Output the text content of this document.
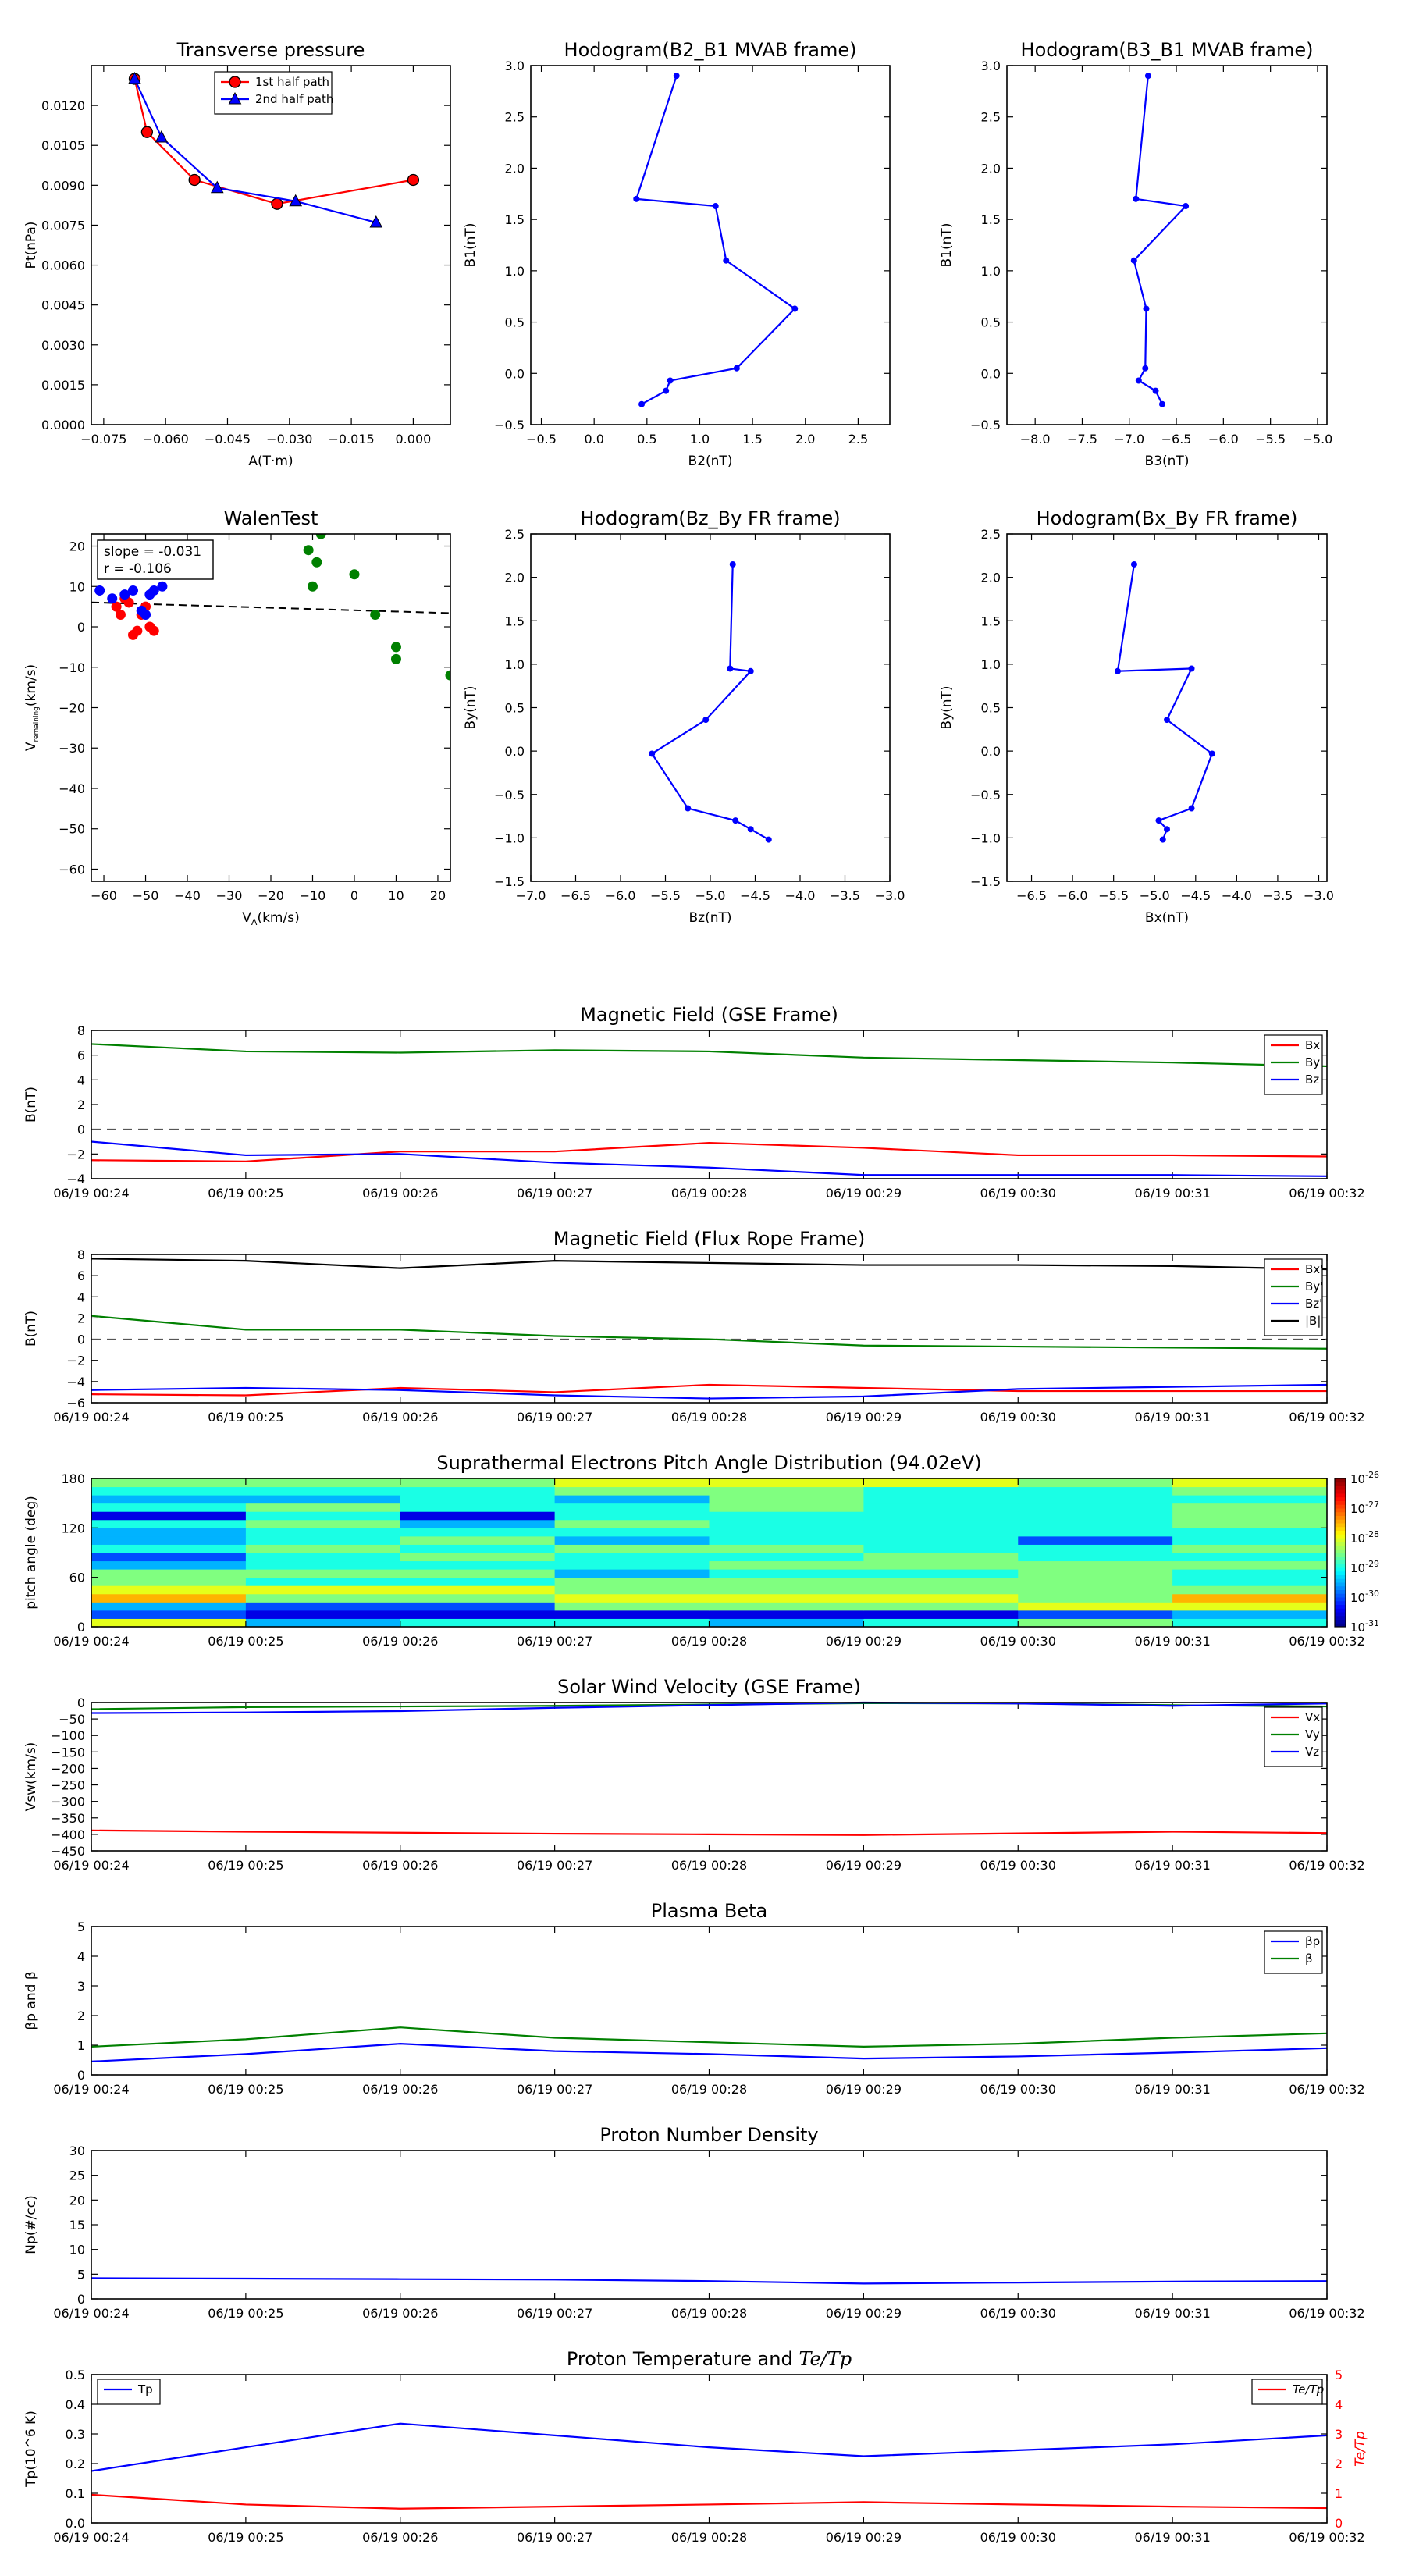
Transverse pressure
0.0000
0.0015
0.0030
0.0045
0.0060
0.0075
0.0090
0.0105
0.0120
−0.075 −0.060 −0.045 −0.030 −0.015 0.000
A(T·m)
Pt(nPa)
1st half path
2nd half path
Hodogram(B2_B1 MVAB frame)
−0.5
0.0
0.5
1.0
1.5
2.0
2.5
3.0
−0.5 0.0	0.5	1.0	1.5	2.0	2.5
B2(nT)
B1(nT)
Hodogram(B3_B1 MVAB frame)
−0.5
0.0
0.5
1.0
1.5
2.0
2.5
3.0
−8.0 −7.5 −7.0 −6.5 −6.0 −5.5 −5.0
B3(nT)
B1(nT)
WalenTest
−60
−50
−40
−30
−20
−10
0
10
20
−60 −50 −40 −30 −20 −10 0 10 20
$V_A(km/s)$
$V_{remaining}(km/s)$
slope = -0.031
r = -0.106
Hodogram(Bz_By FR frame)
−1.5
−1.0
−0.5
0.0
0.5
1.0
1.5
2.0
2.5
−7.0 −6.5 −6.0 −5.5 −5.0 −4.5 −4.0 −3.5 −3.0
Bz(nT)
By(nT)
Hodogram(Bx_By FR frame)
−1.5
−1.0
−0.5
0.0
0.5
1.0
1.5
2.0
2.5
−6.5 −6.0 −5.5 −5.0 −4.5 −4.0 −3.5 −3.0
Bx(nT)
By(nT)
Magnetic Field (GSE Frame)
−4
−2
0
2
4
6
8
06/19 00:24	06/19 00:25	06/19 00:26	06/19 00:27	06/19 00:28	06/19 00:29	06/19 00:30	06/19 00:31	06/19 00:32
B(nT)
Bx
By
Bz
Magnetic Field (Flux Rope Frame)
−6
−4
−2
0
2
4
6
8
06/19 00:24	06/19 00:25	06/19 00:26	06/19 00:27	06/19 00:28	06/19 00:29	06/19 00:30	06/19 00:31	06/19 00:32
B(nT)
Bx'
By'
Bz'
|B|
Solar Wind Velocity (GSE Frame)
−450
−400
−350
−300
−250
−200
−150
−100
−50
0
06/19 00:24	06/19 00:25	06/19 00:26	06/19 00:27	06/19 00:28	06/19 00:29	06/19 00:30	06/19 00:31	06/19 00:32
Vsw(km/s)
Vx
Vy
Vz
Plasma Beta
0
1
2
3
4
5
06/19 00:24	06/19 00:25	06/19 00:26	06/19 00:27	06/19 00:28	06/19 00:29	06/19 00:30	06/19 00:31	06/19 00:32
βp and β
βp
β
Proton Number Density
0
5
10
15
20
25
30
06/19 00:24	06/19 00:25	06/19 00:26	06/19 00:27	06/19 00:28	06/19 00:29	06/19 00:30	06/19 00:31	06/19 00:32
Np(#/cc)
Proton Temperature and Te/Tp
0.0
0.1
0.2
0.3
0.4
0.5
06/19 00:24	06/19 00:25	06/19 00:26	06/19 00:27	06/19 00:28	06/19 00:29	06/19 00:30	06/19 00:31	06/19 00:32
Tp(10^6 K)
0
1
2
3
4
5
Te/Tp
Tp	Te/Tp
Suprathermal Electrons Pitch Angle Distribution (94.02eV)
0
60
120
180
06/19 00:24	06/19 00:25	06/19 00:26	06/19 00:27	06/19 00:28	06/19 00:29	06/19 00:30	06/19 00:31	06/19 00:32
pitch angle (deg)
$10^{-26}$
$10^{-27}$
$10^{-28}$
$10^{-29}$
$10^{-30}$
$10^{-31}$
